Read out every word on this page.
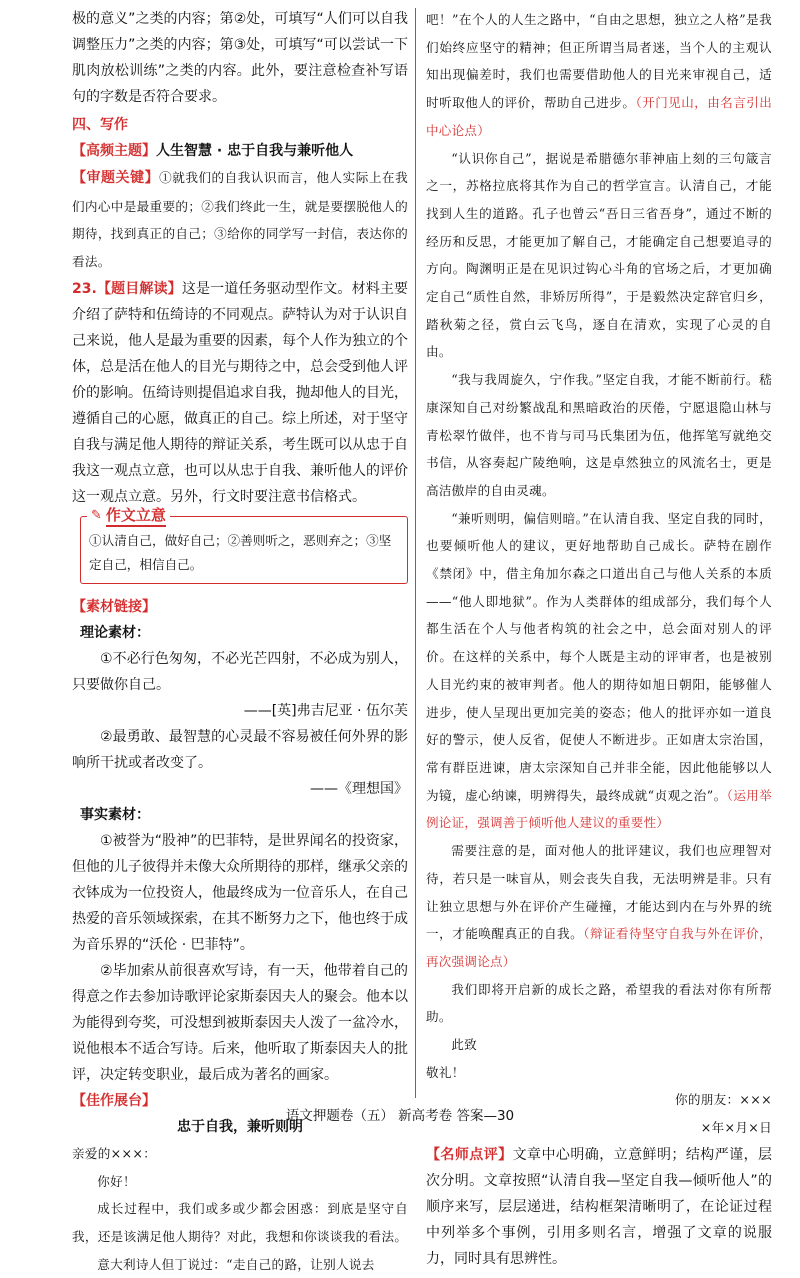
极的意义”之类的内容；第②处，可填写“人们可以自我调整压力”之类的内容；第③处，可填写“可以尝试一下肌肉放松训练”之类的内容。此外，要注意检查补写语句的字数是否符合要求。

四、写作

【高频主题】人生智慧 · 忠于自我与兼听他人

【审题关键】①就我们的自我认识而言，他人实际上在我们内心中是最重要的；②我们终此一生，就是要摆脱他人的期待，找到真正的自己；③给你的同学写一封信，表达你的看法。

23.【题目解读】这是一道任务驱动型作文。材料主要介绍了萨特和伍绮诗的不同观点。萨特认为对于认识自己来说，他人是最为重要的因素，每个人作为独立的个体，总是活在他人的目光与期待之中，总会受到他人评价的影响。伍绮诗则提倡追求自我，抛却他人的目光，遵循自己的心愿，做真正的自己。综上所述，对于坚守自我与满足他人期待的辩证关系，考生既可以从忠于自我这一观点立意，也可以从忠于自我、兼听他人的评价这一观点立意。另外，行文时要注意书信格式。

✎ 作文立意

①认清自己，做好自己；②善则听之，恶则弃之；③坚定自己，相信自己。

【素材链接】

理论素材：

①不必行色匆匆，不必光芒四射，不必成为别人，只要做你自己。

——[英]弗吉尼亚 · 伍尔芙

②最勇敢、最智慧的心灵最不容易被任何外界的影响所干扰或者改变了。

——《理想国》

事实素材：

①被誉为“股神”的巴菲特，是世界闻名的投资家，但他的儿子彼得并未像大众所期待的那样，继承父亲的衣钵成为一位投资人，他最终成为一位音乐人，在自己热爱的音乐领域探索，在其不断努力之下，他也终于成为音乐界的“沃伦 · 巴菲特”。

②毕加索从前很喜欢写诗，有一天，他带着自己的得意之作去参加诗歌评论家斯泰因夫人的聚会。他本以为能得到夸奖，可没想到被斯泰因夫人泼了一盆冷水，说他根本不适合写诗。后来，他听取了斯泰因夫人的批评，决定转变职业，最后成为著名的画家。

【佳作展台】

忠于自我，兼听则明

亲爱的×××：

你好！

成长过程中，我们或多或少都会困惑：到底是坚守自我，还是该满足他人期待？对此，我想和你谈谈我的看法。

意大利诗人但丁说过：“走自己的路，让别人说去

吧！”在个人的人生之路中，“自由之思想，独立之人格”是我们始终应坚守的精神；但正所谓当局者迷，当个人的主观认知出现偏差时，我们也需要借助他人的目光来审视自己，适时听取他人的评价，帮助自己进步。（开门见山，由名言引出中心论点）

“认识你自己”，据说是希腊德尔菲神庙上刻的三句箴言之一，苏格拉底将其作为自己的哲学宣言。认清自己，才能找到人生的道路。孔子也曾云“吾日三省吾身”，通过不断的经历和反思，才能更加了解自己，才能确定自己想要追寻的方向。陶渊明正是在见识过钩心斗角的官场之后，才更加确定自己“质性自然，非矫厉所得”，于是毅然决定辞官归乡，踏秋菊之径，赏白云飞鸟，逐自在清欢，实现了心灵的自由。

“我与我周旋久，宁作我。”坚定自我，才能不断前行。嵇康深知自己对纷繁战乱和黑暗政治的厌倦，宁愿退隐山林与青松翠竹做伴，也不肯与司马氏集团为伍，他挥笔写就绝交书信，从容奏起广陵绝响，这是卓然独立的风流名士，更是高洁傲岸的自由灵魂。

“兼听则明，偏信则暗。”在认清自我、坚定自我的同时，也要倾听他人的建议，更好地帮助自己成长。萨特在剧作《禁闭》中，借主角加尔森之口道出自己与他人关系的本质——“他人即地狱”。作为人类群体的组成部分，我们每个人都生活在个人与他者构筑的社会之中，总会面对别人的评价。在这样的关系中，每个人既是主动的评审者，也是被别人目光约束的被审判者。他人的期待如旭日朝阳，能够催人进步，使人呈现出更加完美的姿态；他人的批评亦如一道良好的警示，使人反省，促使人不断进步。正如唐太宗治国，常有群臣进谏，唐太宗深知自己并非全能，因此他能够以人为镜，虚心纳谏，明辨得失，最终成就“贞观之治”。（运用举例论证，强调善于倾听他人建议的重要性）

需要注意的是，面对他人的批评建议，我们也应理智对待，若只是一味盲从，则会丧失自我，无法明辨是非。只有让独立思想与外在评价产生碰撞，才能达到内在与外界的统一，才能唤醒真正的自我。（辩证看待坚守自我与外在评价，再次强调论点）

我们即将开启新的成长之路，希望我的看法对你有所帮助。

此致

敬礼！

你的朋友：×××

×年×月×日

【名师点评】文章中心明确，立意鲜明；结构严谨，层次分明。文章按照“认清自我—坚定自我—倾听他人”的顺序来写，层层递进，结构框架清晰明了，在论证过程中列举多个事例，引用多则名言，增强了文章的说服力，同时具有思辨性。

语文押题卷（五） 新高考卷 答案—30
